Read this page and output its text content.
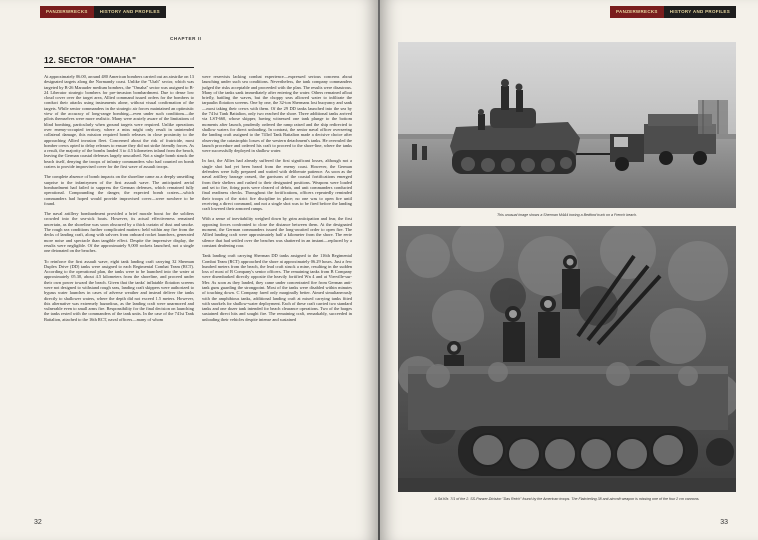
PANZERWRECKS	HISTORY AND PROFILES
CHAPTER II
12. SECTOR "OMAHA"

At approximately 06.00, around 480 American bombers carried out an airstrike on 13 designated targets along the Normandy coast. Unlike the "Utah" sector, which was targeted by B-26 Marauder medium bombers, the "Omaha" sector was assigned to B-24 Liberator strategic bombers for pre-invasion bombardment. Due to dense low cloud cover over the target area, Allied command issued orders for the bombers to conduct their attacks using instruments alone, without visual confirmation of the targets. While senior commanders in the strategic air forces maintained an optimistic view of the accuracy of long-range bombing—even under such conditions—the pilots themselves were more realistic. Many were acutely aware of the limitations of blind bombing, particularly when ground targets were required. Unlike operations over enemy-occupied territory, where a miss might only result in unintended collateral damage, this mission required bomb releases in close proximity to the approaching Allied invasion fleet. Concerned about the risk of fratricide, most bomber crews opted to delay releases to ensure they did not strike friendly forces. As a result, the majority of the bombs landed 3 to 4.5 kilometers inland from the beach, leaving the German coastal defenses largely unscathed. Not a single bomb struck the beach itself, denying the troops of infantry commanders who had counted on bomb craters to provide improvised cover for the first wave of assault troops.

The complete absence of bomb impacts on the shoreline came as a deeply unsettling surprise to the infantrymen of the first assault wave. The anticipated aerial bombardment had failed to suppress the German defenses, which remained fully operational. Compounding the danger, the expected bomb craters—which commanders had hoped would provide improvised cover—were nowhere to be found.

The naval artillery bombardment provided a brief morale boost for the soldiers crowded into the sea-sick boats. However, its actual effectiveness remained uncertain, as the shoreline was soon obscured by a thick curtain of dust and smoke. The rough sea conditions further complicated matters: held within any fire from the decks of landing craft, along with salvoes from onboard rocket launchers, generated more noise and spectacle than tangible effect. Despite the impressive display, the results were negligible. Of the approximately 9,000 rockets launched, not a single one detonated on the beaches.

To reinforce the first assault wave, eight tank landing craft carrying 32 Sherman Duplex Drive (DD) tanks were assigned to each Regimental Combat Team (RCT). According to the operational plan, the tanks were to be launched into the water at approximately 05.30, about 4.5 kilometers from the shoreline, and proceed under their own power toward the beach. Given that the tanks' inflatable flotation screens were not designed to withstand rough seas, landing craft skippers were authorized to bypass water launches in cases of adverse weather and instead deliver the tanks directly to shallower waters, where the depth did not exceed 1.5 meters. However, this alternative was extremely hazardous, as the landing craft were unarmored and vulnerable even to small arms fire. Responsibility for the final decision on launching the tanks rested with the commanders of the tank units. In the case of the 741st Tank Battalion, attached to the 16th RCT, naval officers—many of whom

were reservists lacking combat experience—expressed serious concerns about launching under such sea conditions. Nevertheless, the tank company commanders judged the risks acceptable and proceeded with the plan. The results were disastrous. Many of the tanks sank immediately after entering the water. Others remained afloat briefly, battling the waves, but the choppy seas allowed water to infiltrate the tarpaulin flotation screens. One by one, the 32-ton Shermans lost buoyancy and sank—most taking their crews with them. Of the 29 DD tanks launched into the sea by the 741st Tank Battalion, only two reached the shore. Three additional tanks arrived via LST-660, whose skipper, having witnessed one tank plunge to the bottom moments after launch, prudently ordered the ramp raised and the ship redirected to shallow waters for direct unloading. In contrast, the senior naval officer overseeing the landing craft assigned to the 743rd Tank Battalion made a decisive choice after observing the catastrophic losses of the western detachment's tanks. He overruled the launch procedure and ordered his craft to proceed to the shore-line, where the tanks were successfully deployed in shallow water.

In fact, the Allies had already suffered the first significant losses, although not a single shot had yet been heard from the enemy coast. However, the German defenders were fully prepared and waited with deliberate patience. As soon as the naval artillery barrage ceased, the garrisons of the coastal fortifications emerged from their shelters and rushed to their designated positions. Weapons were loaded and set to fire, firing ports were cleared of debris, and unit commanders conducted final readiness checks. Throughout the fortifications, officers repeatedly reminded their troops of the strict fire discipline in place; no one was to open fire until receiving a direct command, and not a single shot was to be fired before the landing craft lowered their armored ramps.

With a sense of inevitability weighed down by grim anticipation and fear, the first opposing forces confronted to close the distance between them. At the designated moment, the German commanders issued the long-awaited order to open fire. The Allied landing craft were approximately half a kilometer from the shore. The eerie silence that had settled over the beaches was shattered in an instant—replaced by a constant deafening roar.

Tank landing craft carrying Sherman DD tanks assigned to the 116th Regimental Combat Team (RCT) approached the shore at approximately 06.29 hours. Just a few hundred meters from the beach, the lead craft struck a mine, resulting in the sudden loss of most of B Company's senior officers. The remaining tanks from B Company were disembarked directly opposite the heavily fortified Wn 4 and at Vierville-sur-Mer. As soon as they landed, they came under concentrated fire from German anti-tank guns guarding the strongpoint. Most of the tanks were disabled within minutes of touching down. C Company fared only marginally better. Aimed simultaneously with the amphibious tanks, additional landing craft at mixed carrying tanks fitted with snorkels for shallow-water deployment. Each of these craft carried two standard tanks and one dozer tank intended for beach clearance operations. Two of the barges sustained direct hits and sought fire. The remaining craft, remarkably, succeeded in unloading their vehicles despite intense and sustained

32
PANZERWRECKS	HISTORY AND PROFILES
This unusual image shows a Sherman M4A4 towing a Bedford truck on a French beach.
A Sd.Kfz. 7/1 of the 2. SS-Panzer-Division "Das Reich" found by the American troops. The Flakvierling 38 anti-aircraft weapon is missing one of the four 2 cm cannons.
33
